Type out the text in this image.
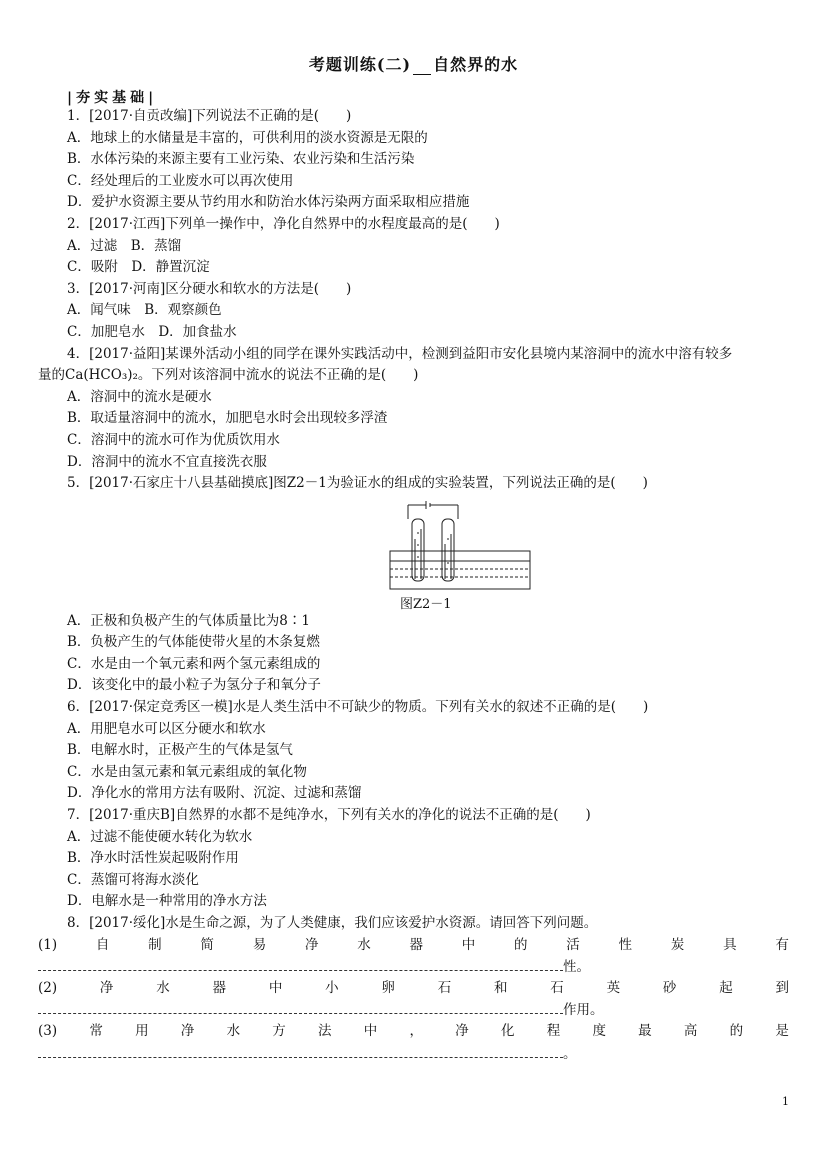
考题训练(二) 自然界的水
|夯实基础|
1．[2017·自贡改编]下列说法不正确的是(　　)
A．地球上的水储量是丰富的，可供利用的淡水资源是无限的
B．水体污染的来源主要有工业污染、农业污染和生活污染
C．经处理后的工业废水可以再次使用
D．爱护水资源主要从节约用水和防治水体污染两方面采取相应措施
2．[2017·江西]下列单一操作中，净化自然界中的水程度最高的是(　　)
A．过滤　B．蒸馏
C．吸附　D．静置沉淀
3．[2017·河南]区分硬水和软水的方法是(　　)
A．闻气味　B．观察颜色
C．加肥皂水　D．加食盐水
4．[2017·益阳]某课外活动小组的同学在课外实践活动中，检测到益阳市安化县境内某溶洞中的流水中溶有较多
量的Ca(HCO₃)₂。下列对该溶洞中流水的说法不正确的是(　　)
A．溶洞中的流水是硬水
B．取适量溶洞中的流水，加肥皂水时会出现较多浮渣
C．溶洞中的流水可作为优质饮用水
D．溶洞中的流水不宜直接洗衣服
5．[2017·石家庄十八县基础摸底]图Z2－1为验证水的组成的实验装置，下列说法正确的是(　　)
图Z2－1
A．正极和负极产生的气体质量比为8∶1
B．负极产生的气体能使带火星的木条复燃
C．水是由一个氧元素和两个氢元素组成的
D．该变化中的最小粒子为氢分子和氧分子
6．[2017·保定竞秀区一模]水是人类生活中不可缺少的物质。下列有关水的叙述不正确的是(　　)
A．用肥皂水可以区分硬水和软水
B．电解水时，正极产生的气体是氢气
C．水是由氢元素和氧元素组成的氧化物
D．净化水的常用方法有吸附、沉淀、过滤和蒸馏
7．[2017·重庆B]自然界的水都不是纯净水，下列有关水的净化的说法不正确的是(　　)
A．过滤不能使硬水转化为软水
B．净水时活性炭起吸附作用
C．蒸馏可将海水淡化
D．电解水是一种常用的净水方法
8．[2017·绥化]水是生命之源，为了人类健康，我们应该爱护水资源。请回答下列问题。
(1)	自	制	简	易	净	水	器	中	的	活	性	炭	具	有
性。
(2)	净	水	器	中	小	卵	石	和	石	英	砂	起	到
作用。
(3) 常 用 净 水 方 法 中 ， 净 化 程 度 最 高 的 是
。
1
